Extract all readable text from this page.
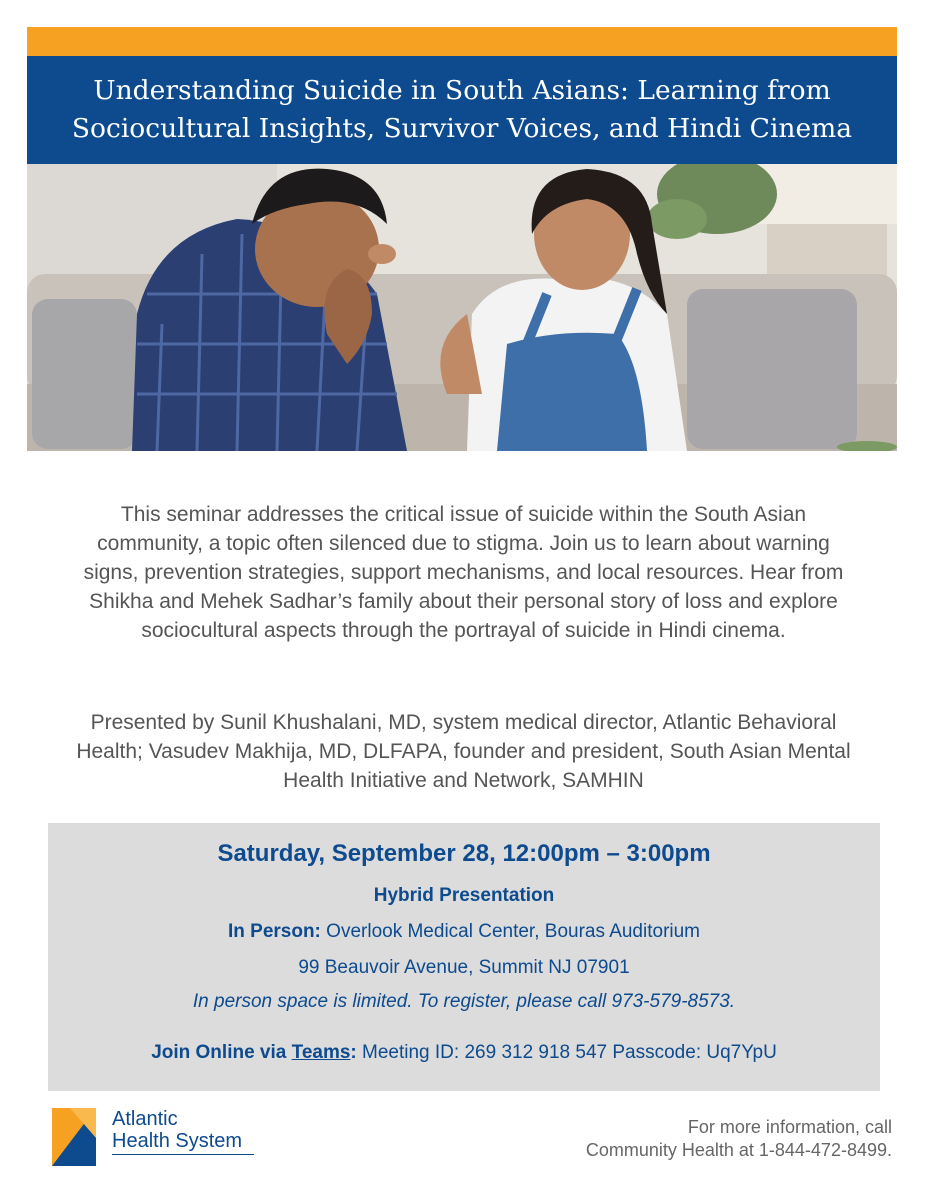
Understanding Suicide in South Asians: Learning from Sociocultural Insights, Survivor Voices, and Hindi Cinema

This seminar addresses the critical issue of suicide within the South Asian community, a topic often silenced due to stigma. Join us to learn about warning signs, prevention strategies, support mechanisms, and local resources. Hear from Shikha and Mehek Sadhar’s family about their personal story of loss and explore sociocultural aspects through the portrayal of suicide in Hindi cinema.

Presented by Sunil Khushalani, MD, system medical director, Atlantic Behavioral Health; Vasudev Makhija, MD, DLFAPA, founder and president, South Asian Mental Health Initiative and Network, SAMHIN

Saturday, September 28, 12:00pm – 3:00pm
Hybrid Presentation
In Person: Overlook Medical Center, Bouras Auditorium
99 Beauvoir Avenue, Summit NJ 07901
In person space is limited. To register, please call 973-579-8573.
Join Online via Teams: Meeting ID: 269 312 918 547 Passcode: Uq7YpU
Atlantic
Health System
For more information, call
Community Health at 1-844-472-8499.
